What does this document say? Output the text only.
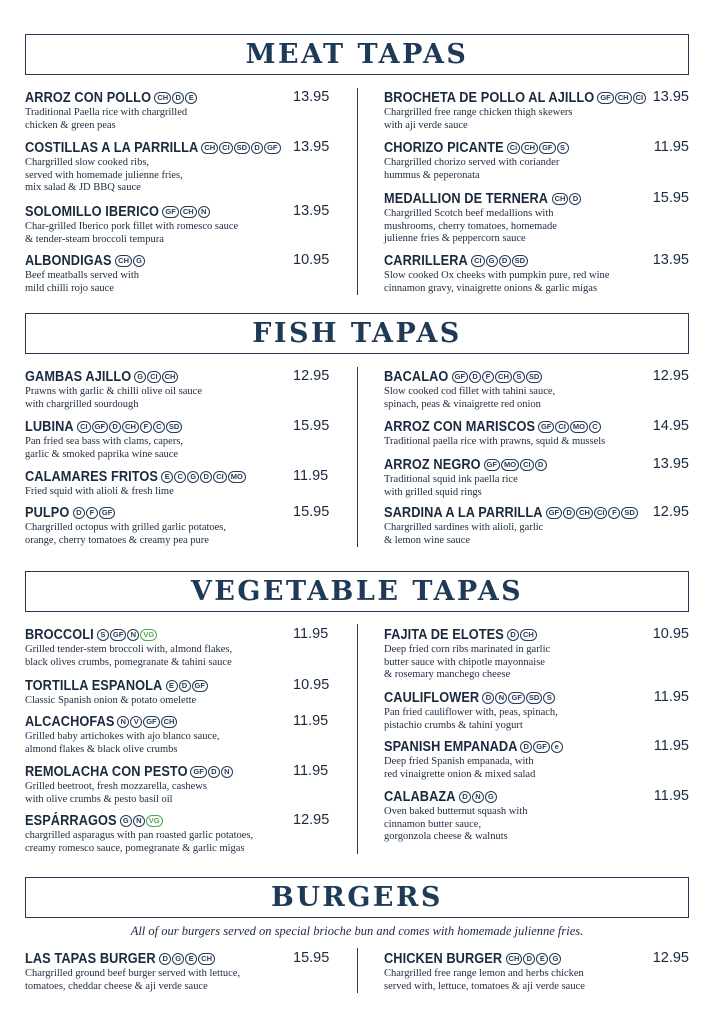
MEAT TAPAS
FISH TAPAS
VEGETABLE TAPAS
BURGERS
All of our burgers served on special brioche bun and comes with homemade julienne fries.
ARROZ CON POLLO CH D	E	13.95
Traditional Paella rice with chargrilled
chicken & green peas
COSTILLAS A LA PARRILLA CH CI SD D GF 13.95
Chargrilled slow cooked ribs,
served with homemade julienne fries,
mix salad & JD BBQ sauce
SOLOMILLO IBERICO GF CH N	13.95
Char-grilled Iberico pork fillet with romesco sauce
& tender-steam broccoli tempura
ALBONDIGAS CH G	10.95
Beef meatballs served with
mild chilli rojo sauce
BROCHETA DE POLLO AL AJILLO GF CH CI 13.95
Chargrilled free range chicken thigh skewers
with aji verde sauce
CHORIZO PICANTE Ci CH GF S	11.95
Chargrilled chorizo served with coriander
hummus & peperonata
MEDALLION DE TERNERA CH D	15.95
Chargrilled Scotch beef medallions with
mushrooms, cherry tomatoes, homemade
julienne fries & peppercorn sauce
CARRILLERA CI G D SD	13.95
Slow cooked Ox cheeks with pumpkin pure, red wine
cinnamon gravy, vinaigrette onions & garlic migas
GAMBAS AJILLO G CI CH	12.95
Prawns with garlic & chilli olive oil sauce
with chargrilled sourdough
LUBINA CI GF D CH	F	C SD	15.95
Pan fried sea bass with clams, capers,
garlic & smoked paprika wine sauce
CALAMARES FRITOS E	C G D CI MO	11.95
Fried squid with alioli & fresh lime
PULPO D	F	GF	15.95
Chargrilled octopus with grilled garlic potatoes,
orange, cherry tomatoes & creamy pea pure
BACALAO GF D	F	CH S	SD	12.95
Slow cooked cod fillet with tahini sauce,
spinach, peas & vinaigrette red onion
ARROZ CON MARISCOS GF CI MO C	14.95
Traditional paella rice with prawns, squid & mussels
ARROZ NEGRO GF MO CI D	13.95
Traditional squid ink paella rice
with grilled squid rings
SARDINA A LA PARRILLA GF D CH CI	F	SD 12.95
Chargrilled sardines with alioli, garlic
& lemon wine sauce
BROCCOLI S	GF N VG	11.95
Grilled tender-stem broccoli with, almond flakes,
black olives crumbs, pomegranate & tahini sauce
TORTILLA ESPANOLA E	D GF	10.95
Classic Spanish onion & potato omelette
ALCACHOFAS N	V	GF CH	11.95
Grilled baby artichokes with ajo blanco sauce,
almond flakes & black olive crumbs
REMOLACHA CON PESTO GF D	N	11.95
Grilled beetroot, fresh mozzarella, cashews
with olive crumbs & pesto basil oil
ESPÁRRAGOS G N VG	12.95
chargrilled asparagus with pan roasted garlic potatoes,
creamy romesco sauce, pomegranate & garlic migas
FAJITA DE ELOTES D CH	10.95
Deep fried corn ribs marinated in garlic
butter sauce with chipotle mayonnaise
& rosemary manchego cheese
CAULIFLOWER D	N GF SD S	11.95
Pan fried cauliflower with, peas, spinach,
pistachio crumbs & tahini yogurt
SPANISH EMPANADA D GF	e	11.95
Deep fried Spanish empanada, with
red vinaigrette onion & mixed salad
CALABAZA D	N G	11.95
Oven baked butternut squash with
cinnamon butter sauce,
gorgonzola cheese & walnuts
LAS TAPAS BURGER D G	E	CH	15.95
Chargrilled ground beef burger served with lettuce,
tomatoes, cheddar cheese & aji verde sauce
CHICKEN BURGER CH D	E	G	12.95
Chargrilled free range lemon and herbs chicken
served with, lettuce, tomatoes & aji verde sauce
